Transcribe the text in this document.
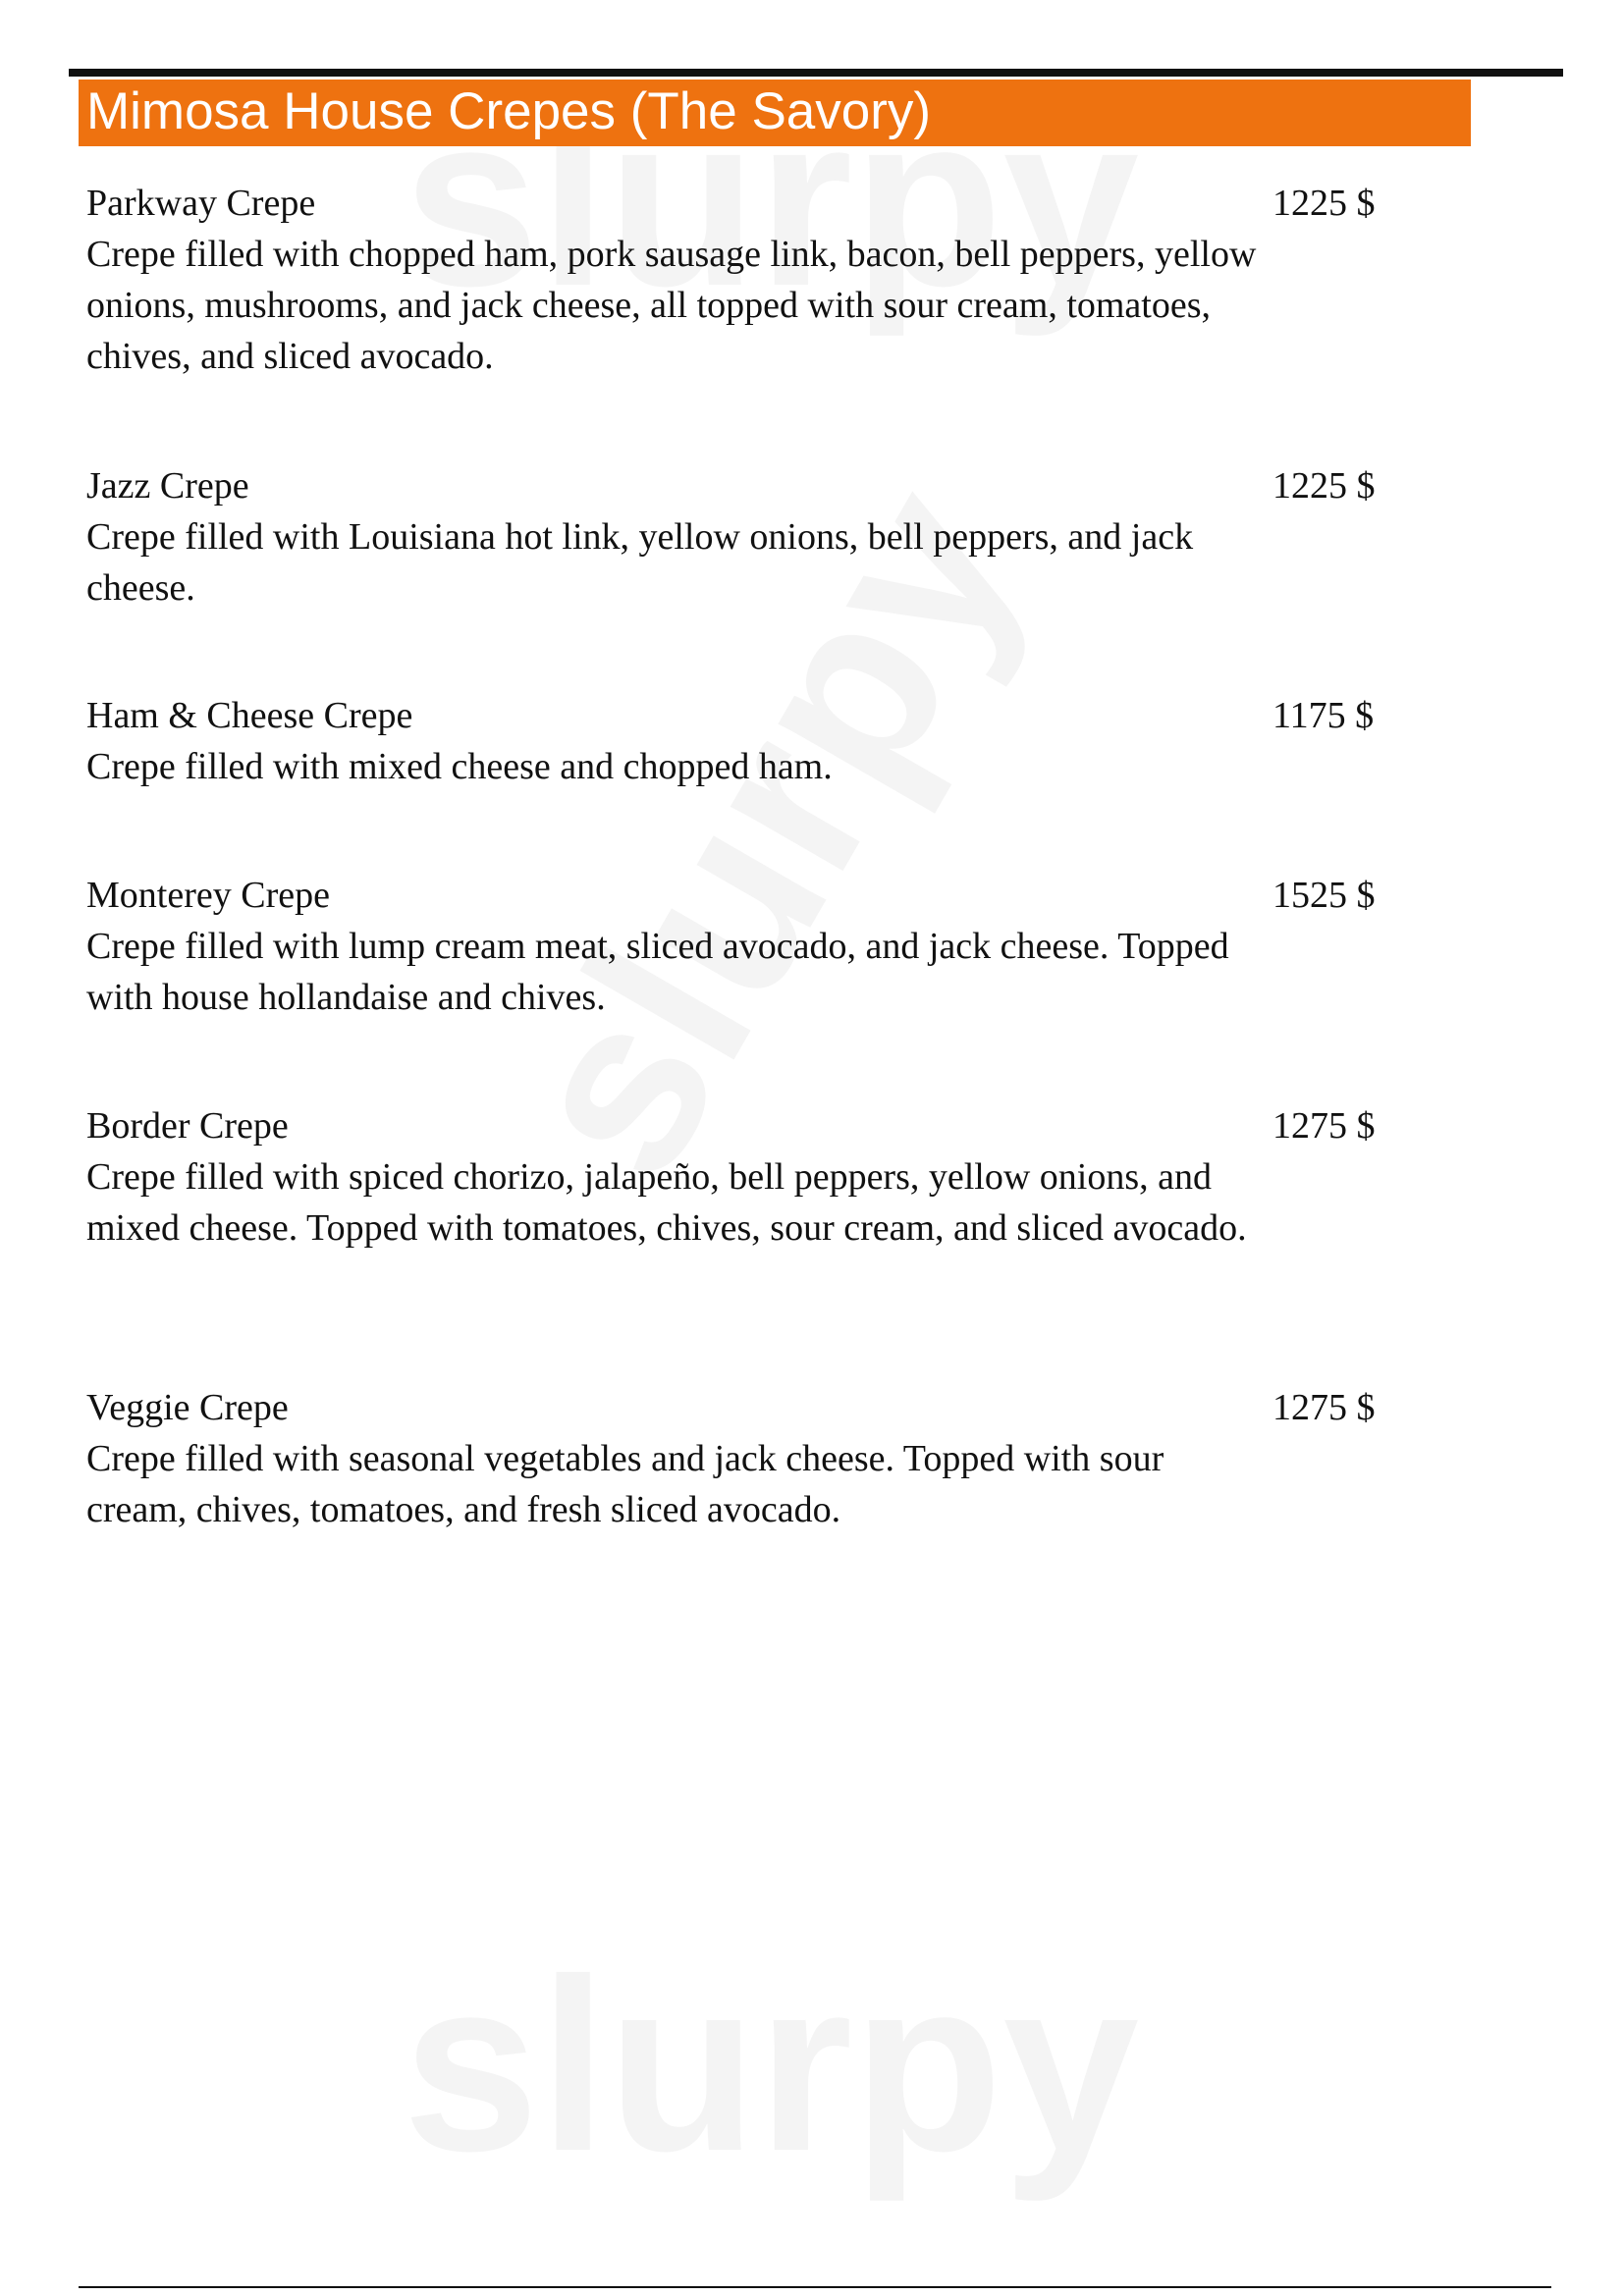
Mimosa House Crepes (The Savory)
Parkway Crepe
Crepe filled with chopped ham, pork sausage link, bacon, bell peppers, yellow onions, mushrooms, and jack cheese, all topped with sour cream, tomatoes, chives, and sliced avocado.
1225 $
Jazz Crepe
Crepe filled with Louisiana hot link, yellow onions, bell peppers, and jack cheese.
1225 $
Ham & Cheese Crepe
Crepe filled with mixed cheese and chopped ham.
1175 $
Monterey Crepe
Crepe filled with lump cream meat, sliced avocado, and jack cheese. Topped with house hollandaise and chives.
1525 $
Border Crepe
Crepe filled with spiced chorizo, jalapeño, bell peppers, yellow onions, and mixed cheese. Topped with tomatoes, chives, sour cream, and sliced avocado.
1275 $
Veggie Crepe
Crepe filled with seasonal vegetables and jack cheese. Topped with sour cream, chives, tomatoes, and fresh sliced avocado.
1275 $
